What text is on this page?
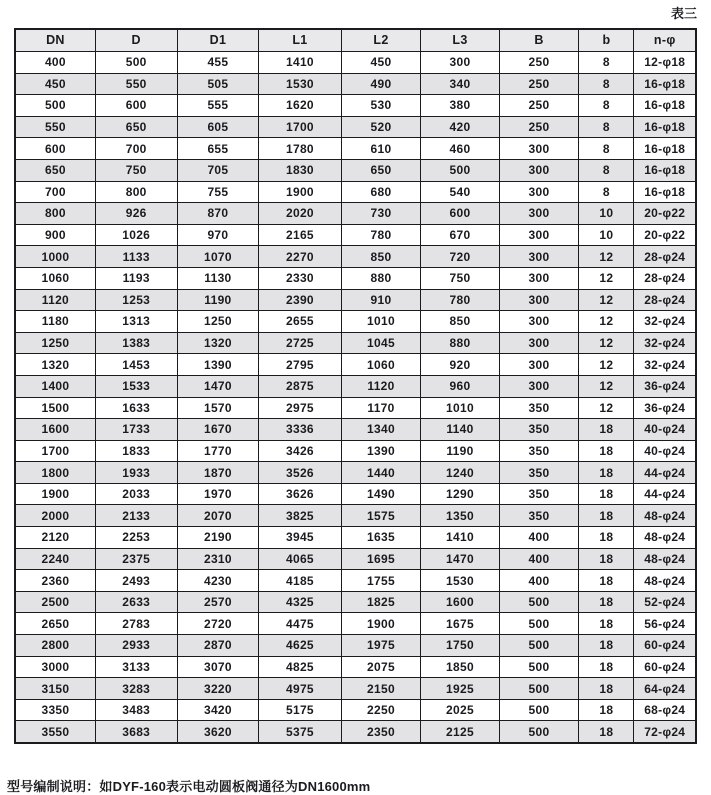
表三
DN	D	D1	L1	L2	L3	B	b	n-φ
400	500	455	1410	450	300	250	8	12-φ18
450	550	505	1530	490	340	250	8	16-φ18
500	600	555	1620	530	380	250	8	16-φ18
550	650	605	1700	520	420	250	8	16-φ18
600	700	655	1780	610	460	300	8	16-φ18
650	750	705	1830	650	500	300	8	16-φ18
700	800	755	1900	680	540	300	8	16-φ18
800	926	870	2020	730	600	300	10	20-φ22
900	1026	970	2165	780	670	300	10	20-φ22
1000	1133	1070	2270	850	720	300	12	28-φ24
1060	1193	1130	2330	880	750	300	12	28-φ24
1120	1253	1190	2390	910	780	300	12	28-φ24
1180	1313	1250	2655	1010	850	300	12	32-φ24
1250	1383	1320	2725	1045	880	300	12	32-φ24
1320	1453	1390	2795	1060	920	300	12	32-φ24
1400	1533	1470	2875	1120	960	300	12	36-φ24
1500	1633	1570	2975	1170	1010	350	12	36-φ24
1600	1733	1670	3336	1340	1140	350	18	40-φ24
1700	1833	1770	3426	1390	1190	350	18	40-φ24
1800	1933	1870	3526	1440	1240	350	18	44-φ24
1900	2033	1970	3626	1490	1290	350	18	44-φ24
2000	2133	2070	3825	1575	1350	350	18	48-φ24
2120	2253	2190	3945	1635	1410	400	18	48-φ24
2240	2375	2310	4065	1695	1470	400	18	48-φ24
2360	2493	4230	4185	1755	1530	400	18	48-φ24
2500	2633	2570	4325	1825	1600	500	18	52-φ24
2650	2783	2720	4475	1900	1675	500	18	56-φ24
2800	2933	2870	4625	1975	1750	500	18	60-φ24
3000	3133	3070	4825	2075	1850	500	18	60-φ24
3150	3283	3220	4975	2150	1925	500	18	64-φ24
3350	3483	3420	5175	2250	2025	500	18	68-φ24
3550	3683	3620	5375	2350	2125	500	18	72-φ24
型号编制说明：如DYF-160表示电动圆板阀通径为DN1600mm
